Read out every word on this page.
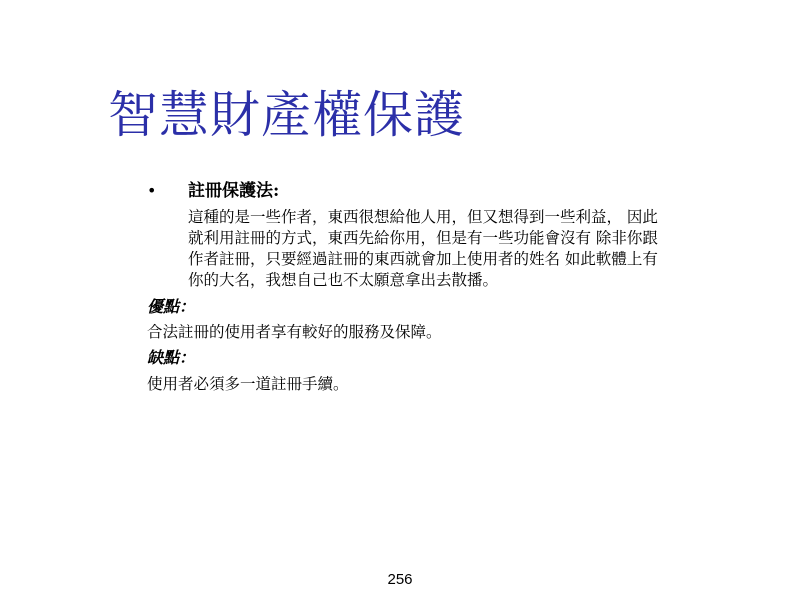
智慧財產權保護
• 註冊保護法:
這種的是一些作者，東西很想給他人用，但又想得到一些利益， 因此
就利用註冊的方式，東西先給你用，但是有一些功能會沒有 除非你跟
作者註冊，只要經過註冊的東西就會加上使用者的姓名 如此軟體上有
你的大名，我想自己也不太願意拿出去散播。
優點：
合法註冊的使用者享有較好的服務及保障。
缺點：
使用者必須多一道註冊手續。
256
